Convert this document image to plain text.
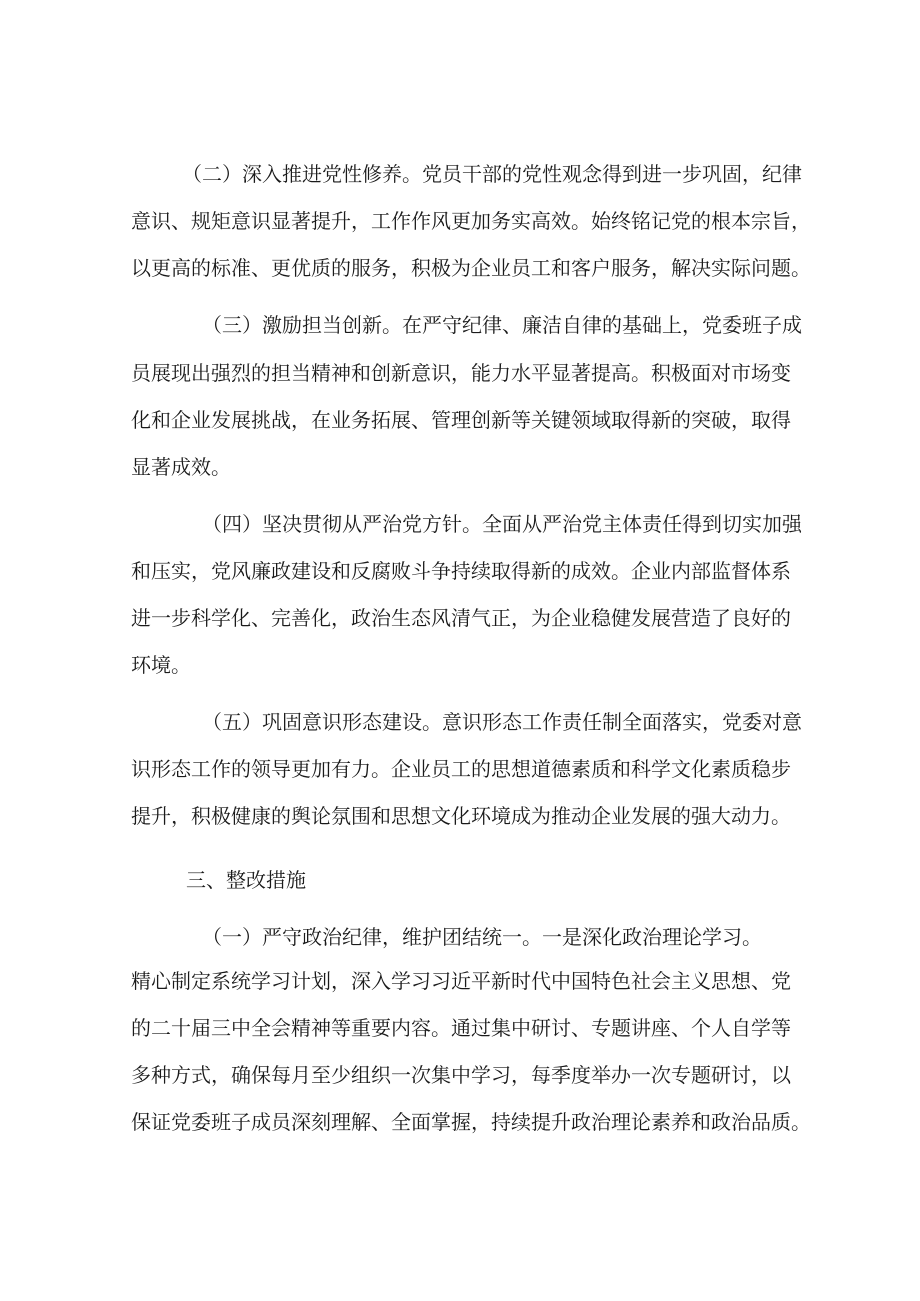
（二）深入推进党性修养。党员干部的党性观念得到进一步巩固，纪律
意识、规矩意识显著提升，工作作风更加务实高效。始终铭记党的根本宗旨，
以更高的标准、更优质的服务，积极为企业员工和客户服务，解决实际问题。
（三）激励担当创新。在严守纪律、廉洁自律的基础上，党委班子成
员展现出强烈的担当精神和创新意识，能力水平显著提高。积极面对市场变
化和企业发展挑战，在业务拓展、管理创新等关键领域取得新的突破，取得
显著成效。
（四）坚决贯彻从严治党方针。全面从严治党主体责任得到切实加强
和压实，党风廉政建设和反腐败斗争持续取得新的成效。企业内部监督体系
进一步科学化、完善化，政治生态风清气正，为企业稳健发展营造了良好的
环境。
（五）巩固意识形态建设。意识形态工作责任制全面落实，党委对意
识形态工作的领导更加有力。企业员工的思想道德素质和科学文化素质稳步
提升，积极健康的舆论氛围和思想文化环境成为推动企业发展的强大动力。
三、整改措施
（一）严守政治纪律，维护团结统一。一是深化政治理论学习。
精心制定系统学习计划，深入学习习近平新时代中国特色社会主义思想、党
的二十届三中全会精神等重要内容。通过集中研讨、专题讲座、个人自学等
多种方式，确保每月至少组织一次集中学习，每季度举办一次专题研讨，以
保证党委班子成员深刻理解、全面掌握，持续提升政治理论素养和政治品质。
